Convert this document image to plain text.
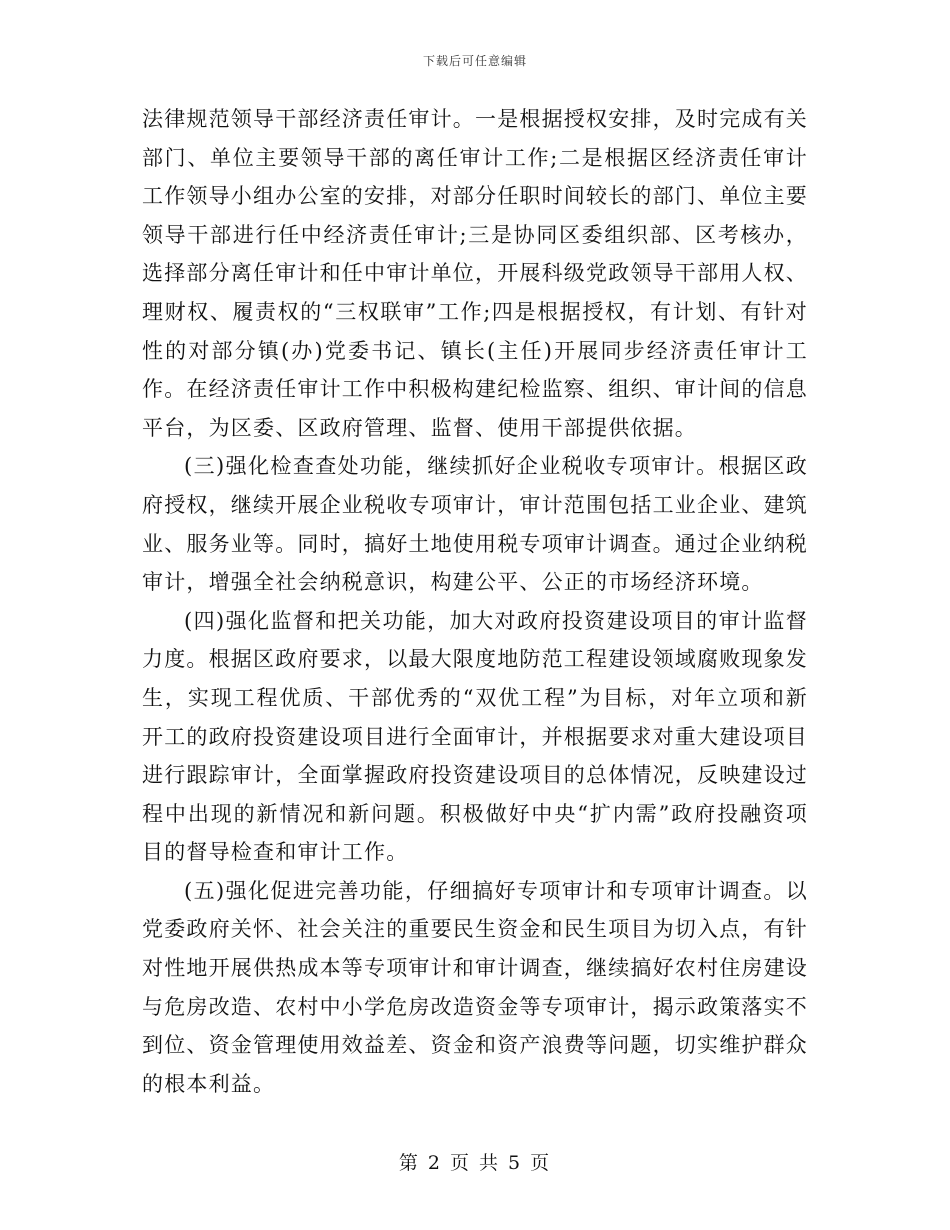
下载后可任意编辑

法律规范领导干部经济责任审计。一是根据授权安排，及时完成有关部门、单位主要领导干部的离任审计工作;二是根据区经济责任审计工作领导小组办公室的安排，对部分任职时间较长的部门、单位主要领导干部进行任中经济责任审计;三是协同区委组织部、区考核办，选择部分离任审计和任中审计单位，开展科级党政领导干部用人权、理财权、履责权的“三权联审”工作;四是根据授权，有计划、有针对性的对部分镇(办)党委书记、镇长(主任)开展同步经济责任审计工作。在经济责任审计工作中积极构建纪检监察、组织、审计间的信息平台，为区委、区政府管理、监督、使用干部提供依据。

(三)强化检查查处功能，继续抓好企业税收专项审计。根据区政府授权，继续开展企业税收专项审计，审计范围包括工业企业、建筑业、服务业等。同时，搞好土地使用税专项审计调查。通过企业纳税审计，增强全社会纳税意识，构建公平、公正的市场经济环境。

(四)强化监督和把关功能，加大对政府投资建设项目的审计监督力度。根据区政府要求，以最大限度地防范工程建设领域腐败现象发生，实现工程优质、干部优秀的“双优工程”为目标，对年立项和新开工的政府投资建设项目进行全面审计，并根据要求对重大建设项目进行跟踪审计，全面掌握政府投资建设项目的总体情况，反映建设过程中出现的新情况和新问题。积极做好中央“扩内需”政府投融资项目的督导检查和审计工作。

(五)强化促进完善功能，仔细搞好专项审计和专项审计调查。以党委政府关怀、社会关注的重要民生资金和民生项目为切入点，有针对性地开展供热成本等专项审计和审计调查，继续搞好农村住房建设与危房改造、农村中小学危房改造资金等专项审计，揭示政策落实不到位、资金管理使用效益差、资金和资产浪费等问题，切实维护群众的根本利益。

第 2 页 共 5 页
